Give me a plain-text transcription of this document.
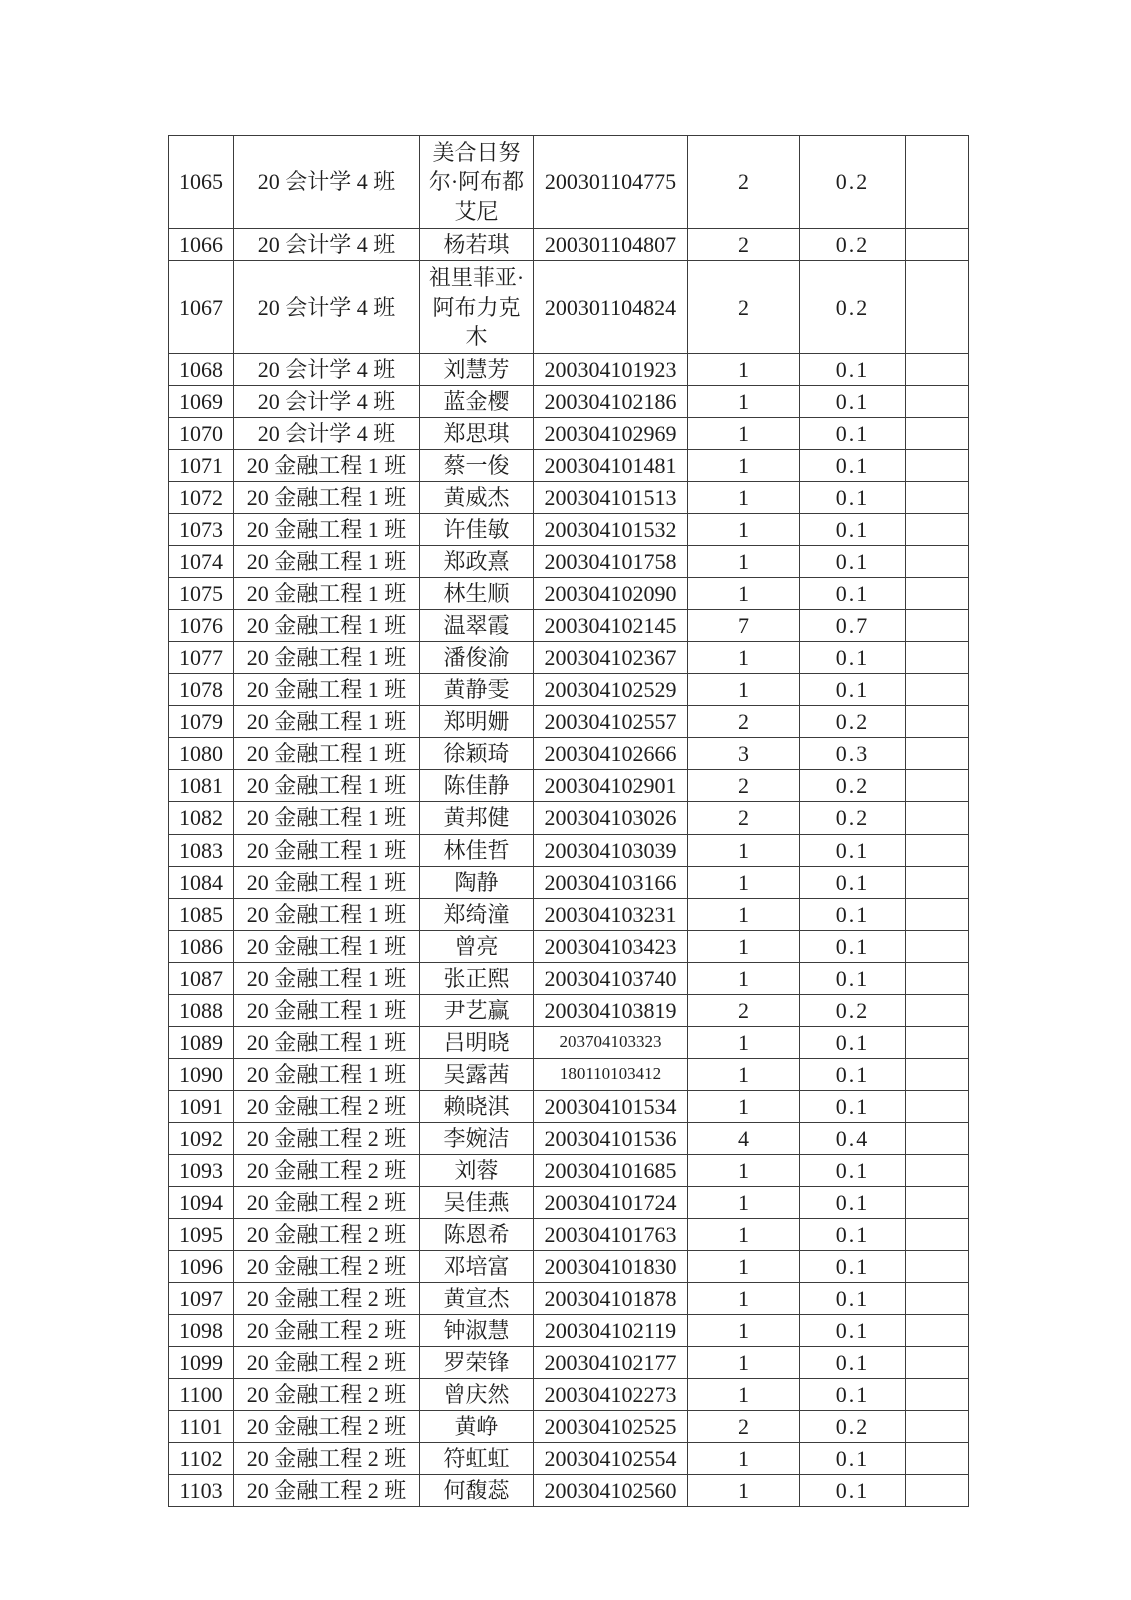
1065	20 会计学 4 班	美合日努尔·阿布都艾尼	200301104775	2	0.2	
1066	20 会计学 4 班	杨若琪	200301104807	2	0.2	
1067	20 会计学 4 班	祖里菲亚·阿布力克木	200301104824	2	0.2	
1068	20 会计学 4 班	刘慧芳	200304101923	1	0.1	
1069	20 会计学 4 班	蓝金樱	200304102186	1	0.1	
1070	20 会计学 4 班	郑思琪	200304102969	1	0.1	
1071	20 金融工程 1 班	蔡一俊	200304101481	1	0.1	
1072	20 金融工程 1 班	黄威杰	200304101513	1	0.1	
1073	20 金融工程 1 班	许佳敏	200304101532	1	0.1	
1074	20 金融工程 1 班	郑政熹	200304101758	1	0.1	
1075	20 金融工程 1 班	林生顺	200304102090	1	0.1	
1076	20 金融工程 1 班	温翠霞	200304102145	7	0.7	
1077	20 金融工程 1 班	潘俊渝	200304102367	1	0.1	
1078	20 金融工程 1 班	黄静雯	200304102529	1	0.1	
1079	20 金融工程 1 班	郑明姗	200304102557	2	0.2	
1080	20 金融工程 1 班	徐颖琦	200304102666	3	0.3	
1081	20 金融工程 1 班	陈佳静	200304102901	2	0.2	
1082	20 金融工程 1 班	黄邦健	200304103026	2	0.2	
1083	20 金融工程 1 班	林佳哲	200304103039	1	0.1	
1084	20 金融工程 1 班	陶静	200304103166	1	0.1	
1085	20 金融工程 1 班	郑绮潼	200304103231	1	0.1	
1086	20 金融工程 1 班	曾亮	200304103423	1	0.1	
1087	20 金融工程 1 班	张正熙	200304103740	1	0.1	
1088	20 金融工程 1 班	尹艺赢	200304103819	2	0.2	
1089	20 金融工程 1 班	吕明晓	203704103323	1	0.1	
1090	20 金融工程 1 班	吴露茜	180110103412	1	0.1	
1091	20 金融工程 2 班	赖晓淇	200304101534	1	0.1	
1092	20 金融工程 2 班	李婉洁	200304101536	4	0.4	
1093	20 金融工程 2 班	刘蓉	200304101685	1	0.1	
1094	20 金融工程 2 班	吴佳燕	200304101724	1	0.1	
1095	20 金融工程 2 班	陈恩希	200304101763	1	0.1	
1096	20 金融工程 2 班	邓培富	200304101830	1	0.1	
1097	20 金融工程 2 班	黄宣杰	200304101878	1	0.1	
1098	20 金融工程 2 班	钟淑慧	200304102119	1	0.1	
1099	20 金融工程 2 班	罗荣锋	200304102177	1	0.1	
1100	20 金融工程 2 班	曾庆然	200304102273	1	0.1	
1101	20 金融工程 2 班	黄峥	200304102525	2	0.2	
1102	20 金融工程 2 班	符虹虹	200304102554	1	0.1	
1103	20 金融工程 2 班	何馥蕊	200304102560	1	0.1	
